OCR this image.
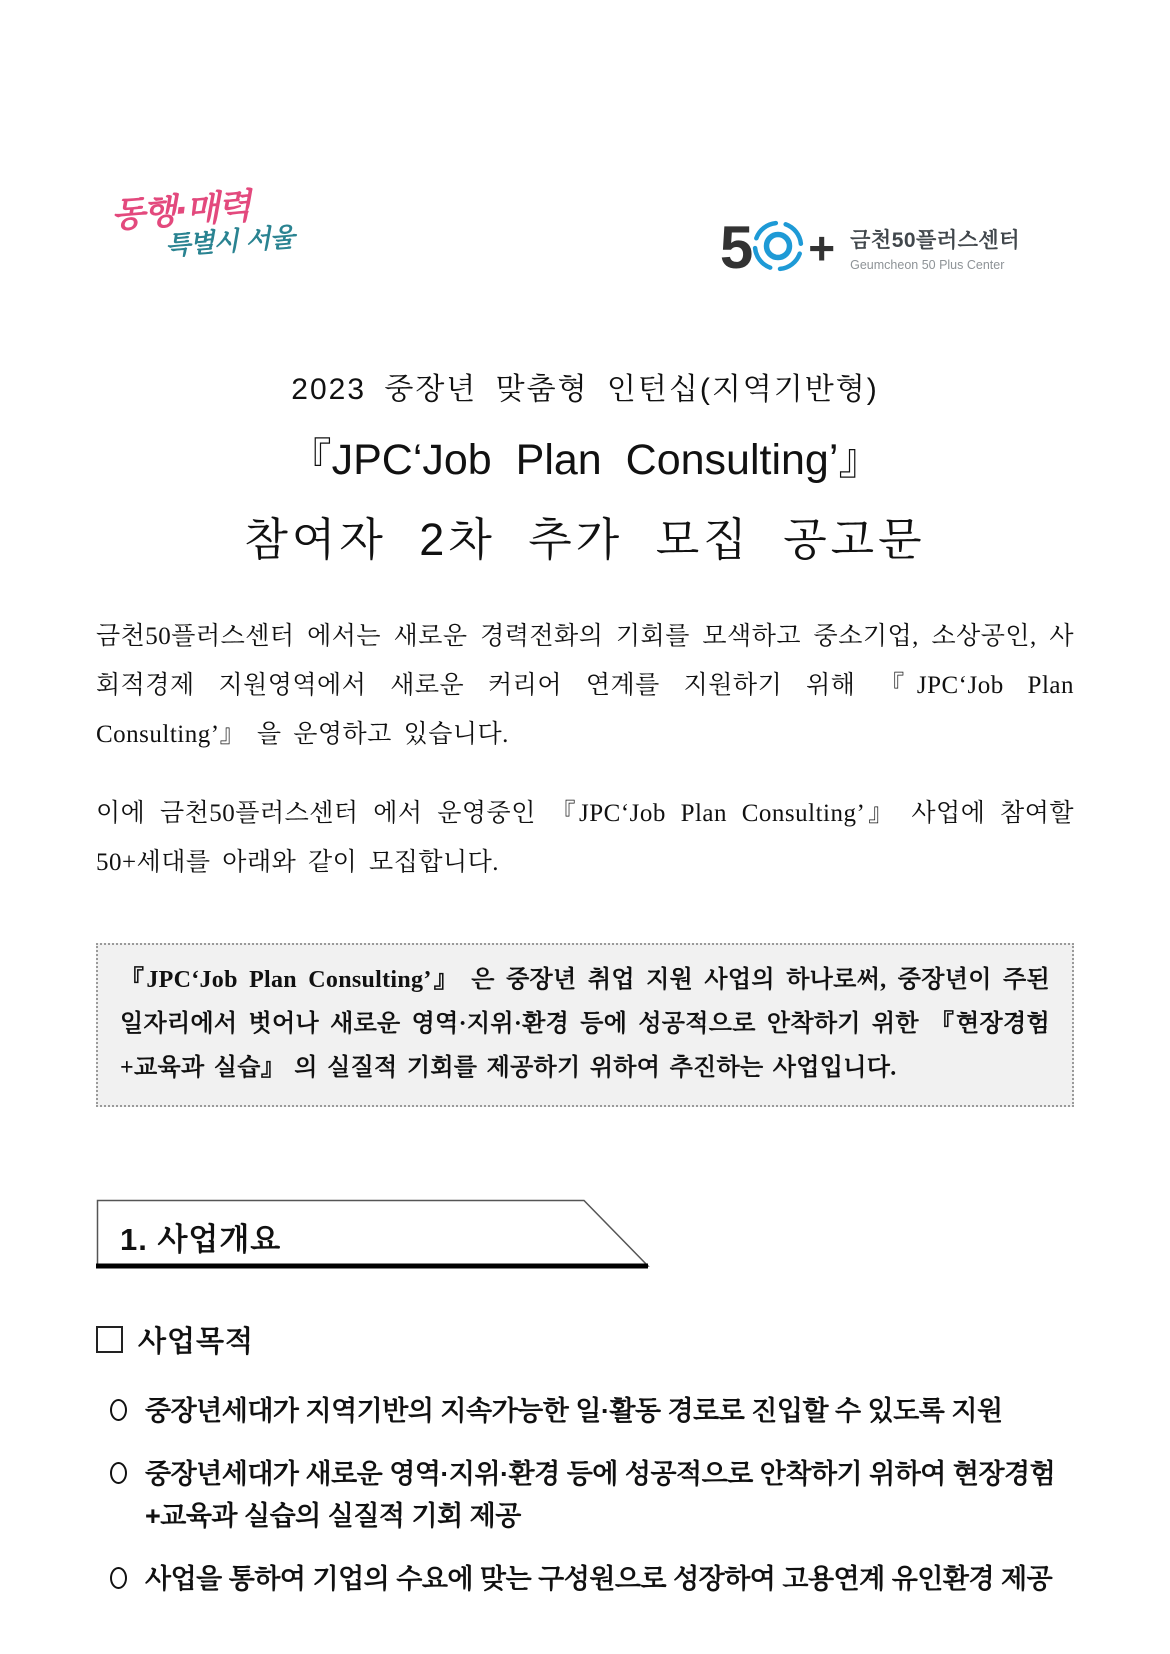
동행·매력
특별시 서울	5 + 금천50플러스센터
Geumcheon 50 Plus Center
2023 중장년 맞춤형 인턴십(지역기반형)
『JPC‘Job Plan Consulting’』
참여자 2차 추가 모집 공고문

금천50플러스센터 에서는 새로운 경력전화의 기회를 모색하고 중소기업, 소상공인, 사회적경제 지원영역에서 새로운 커리어 연계를 지원하기 위해 『JPC‘Job Plan Consulting’』 을 운영하고 있습니다.

이에 금천50플러스센터 에서 운영중인 『JPC‘Job Plan Consulting’』 사업에 참여할 50+세대를 아래와 같이 모집합니다.

『JPC‘Job Plan Consulting’』 은 중장년 취업 지원 사업의 하나로써, 중장년이 주된 일자리에서 벗어나 새로운 영역·지위·환경 등에 성공적으로 안착하기 위한 『현장경험+교육과 실습』 의 실질적 기회를 제공하기 위하여 추진하는 사업입니다.
1. 사업개요
사업목적
중장년세대가 지역기반의 지속가능한 일·활동 경로로 진입할 수 있도록 지원
중장년세대가 새로운 영역·지위·환경 등에 성공적으로 안착하기 위하여 현장경험+교육과 실습의 실질적 기회 제공
사업을 통하여 기업의 수요에 맞는 구성원으로 성장하여 고용연계 유인환경 제공
